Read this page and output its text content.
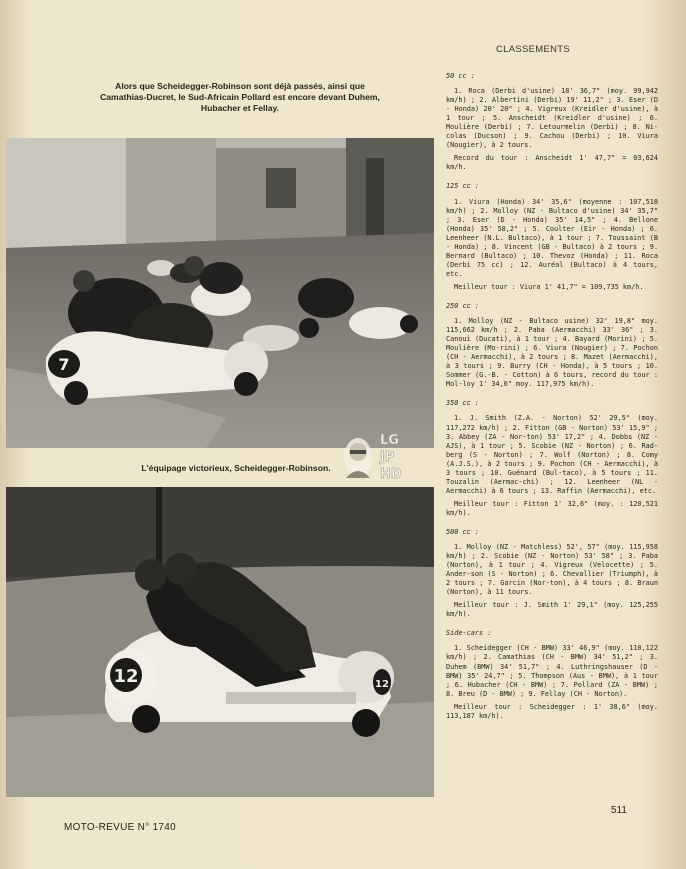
CLASSEMENTS
Alors que Scheidegger-Robinson sont déjà passés, ainsi que Camathias-Ducret, le Sud-Africain Pollard est encore devant Duhem, Hubacher et Fellay.
7
L'équipage victorieux, Scheidegger-Robinson.
LG
JP
HD
12	12

50 cc :

1. Roca (Derbi d'usine) 18' 36,7" (moy. 99,942 km/h) ; 2. Albertini (Derbi) 19' 11,2" ; 3. Eser (D - Honda) 20' 20" ; 4. Vigreux (Kreidler d'usine), à 1 tour ; 5. Anscheidt (Kreidler d'usine) ; 6. Moulière (Derbi) ; 7. Letourmelin (Derbi) ; 8. Ni-colas (Ducson) ; 9. Cachou (Derbi) ; 10. Viura (Nougier), à 2 tours.

Record du tour : Anscheidt 1' 47,7" = 03,624 km/h.

125 cc :

1. Viura (Honda) 34' 35,6" (moyenne : 107,518 km/h) ; 2. Molloy (NZ - Bultaco d'usine) 34' 35,7" ; 3. Eser (D - Honda) 35' 14,5" ; 4. Bellone (Honda) 35' 58,2" ; 5. Coulter (Eir - Honda) ; 6. Leenheer (N.L. Bultaco), à 1 tour ; 7. Toussaint (B - Honda) ; 8. Vincent (GB - Bultaco) à 2 tours ; 9. Bernard (Bultaco) ; 10. Thevoz (Honda) ; 11. Roca (Derbi 75 cc) ; 12. Auréal (Bultaco) à 4 tours, etc.

Meilleur tour : Viura 1' 41,7" = 109,735 km/h.

250 cc :

1. Molloy (NZ - Bultaco usine) 32' 19,8" moy. 115,662 km/h ; 2. Paba (Aermacchi) 33' 36" ; 3. Canoui (Ducati), à 1 tour ; 4. Bayard (Morini) ; 5. Moulière (Mo-rini) ; 6. Viura (Nougier) ; 7. Pochon (CH - Aermacchi), à 2 tours ; 8. Mazet (Aermacchi), à 3 tours ; 9. Burry (CH - Honda), à 5 tours ; 10. Sommer (G.-B. - Cotton) à 6 tours, record du tour : Mol-loy 1' 34,6" moy. 117,975 km/h).

350 cc :

1. J. Smith (Z.A. - Norton) 52' 29,5" (moy. 117,272 km/h) ; 2. Fitton (GB - Norton) 53' 15,9" ; 3. Abbey (ZA - Nor-ton) 53' 17,2" ; 4. Dobbs (NZ - AJS), à 1 tour ; 5. Scobie (NZ - Norton) ; 6. Rad-berg (S - Norton) ; 7. Wolf (Norton) ; 8. Comy (A.J.S.), à 2 tours ; 9. Pochon (CH - Aermacchi), à 3 tours ; 10. Guénard (Bul-taco), à 5 tours ; 11. Touzalin (Aermac-chi) ; 12. Leenheer (NL - Aermacchi) à 6 tours ; 13. Raffin (Aermacchi), etc.

Meilleur tour : Fitton 1' 32,6" (moy. : 120,521 km/h).

500 cc :

1. Molloy (NZ - Matchless) 52', 57" (moy. 115,958 km/h) ; 2. Scobie (NZ - Norton) 53' 58" ; 3. Paba (Norton), à 1 tour ; 4. Vigreux (Velocette) ; 5. Ander-son (S - Norton) ; 6. Chevallier (Triumph), à 2 tours ; 7. Garcin (Nor-ton), à 4 tours ; 8. Braun (Norton), à 11 tours.

Meilleur tour : J. Smith 1' 29,1" (moy. 125,255 km/h).

Side-cars :

1. Scheidegger (CH - BMW) 33' 46,9" (moy. 110,122 km/h) ; 2. Camathias (CH - BMW) 34' 51,2" ; 3. Duhem (BMW) 34' 51,7" ; 4. Luthringshauser (D - BMW) 35' 24,7" ; 5. Thompson (Aus - BMW), à 1 tour ; 6. Hubacher (CH - BMW) ; 7. Pollard (ZA - BMW) ; 8. Breu (D - BMW) ; 9. Fellay (CH - Norton).

Meilleur tour : Scheidegger : 1' 38,6" (moy. 113,187 km/h).

MOTO-REVUE N° 1740
511
